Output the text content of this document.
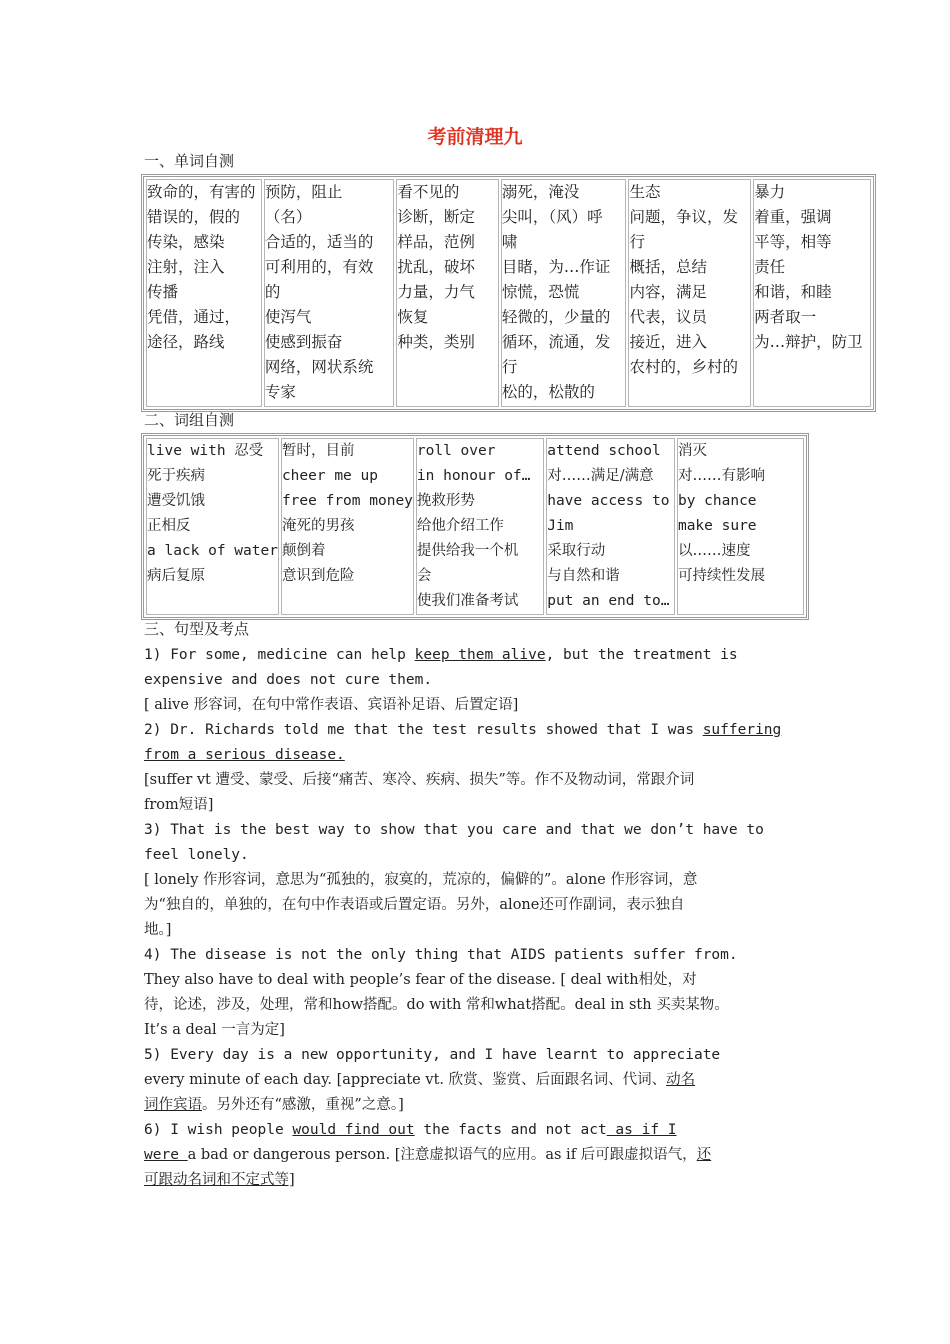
考前清理九
一、单词自测
致命的，有害的
错误的，假的
传染，感染
注射，注入
传播
凭借，通过，
途径，路线

预防，阻止
（名）
合适的，适当的
可利用的，有效
的
使泻气
使感到振奋
网络，网状系统
专家

看不见的
诊断，断定
样品，范例
扰乱，破坏
力量，力气
恢复
种类，类别

溺死，淹没
尖叫，（风）呼
啸
目睹，为…作证
惊慌，恐慌
轻微的，少量的
循环，流通，发
行
松的，松散的

生态
问题，争议，发
行
概括，总结
内容，满足
代表，议员
接近，进入
农村的，乡村的

暴力
着重，强调
平等，相等
责任
和谐，和睦
两者取一
为…辩护，防卫
二、词组自测
live with 忍受
死于疾病
遭受饥饿
正相反
a lack of water
病后复原

暂时，目前
cheer me up
free from money
淹死的男孩
颠倒着
意识到危险

roll over
in honour of…
挽救形势
给他介绍工作
提供给我一个机
会
使我们准备考试

attend school
对……满足/满意
have access to
Jim
采取行动
与自然和谐
put an end to…

消灭
对……有影响
by chance
make sure
以……速度
可持续性发展
三、句型及考点

1) For some, medicine can help keep them alive, but the treatment is

expensive and does not cure them.

[ alive 形容词，在句中常作表语、宾语补足语、后置定语]

2) Dr. Richards told me that the test results showed that I was suffering

from a serious disease.

[suffer vt 遭受、蒙受、后接“痛苦、寒冷、疾病、损失”等。作不及物动词，常跟介词

from短语]

3) That is the best way to show that you care and that we don’t have to

feel lonely.

[ lonely 作形容词，意思为“孤独的，寂寞的，荒凉的，偏僻的”。alone 作形容词，意

为“独自的，单独的，在句中作表语或后置定语。另外，alone还可作副词，表示独自

地。]

4) The disease is not the only thing that AIDS patients suffer from.

They also have to deal with people’s fear of the disease. [ deal with相处，对

待，论述，涉及，处理，常和how搭配。do with 常和what搭配。deal in sth 买卖某物。

It’s a deal 一言为定]

5) Every day is a new opportunity, and I have learnt to appreciate

every minute of each day. [appreciate vt. 欣赏、鉴赏、后面跟名词、代词、动名

词作宾语。另外还有“感激，重视”之意。]

6) I wish people would find out the facts and not act as if I

were a bad or dangerous person. [注意虚拟语气的应用。as if 后可跟虚拟语气，还

可跟动名词和不定式等]
